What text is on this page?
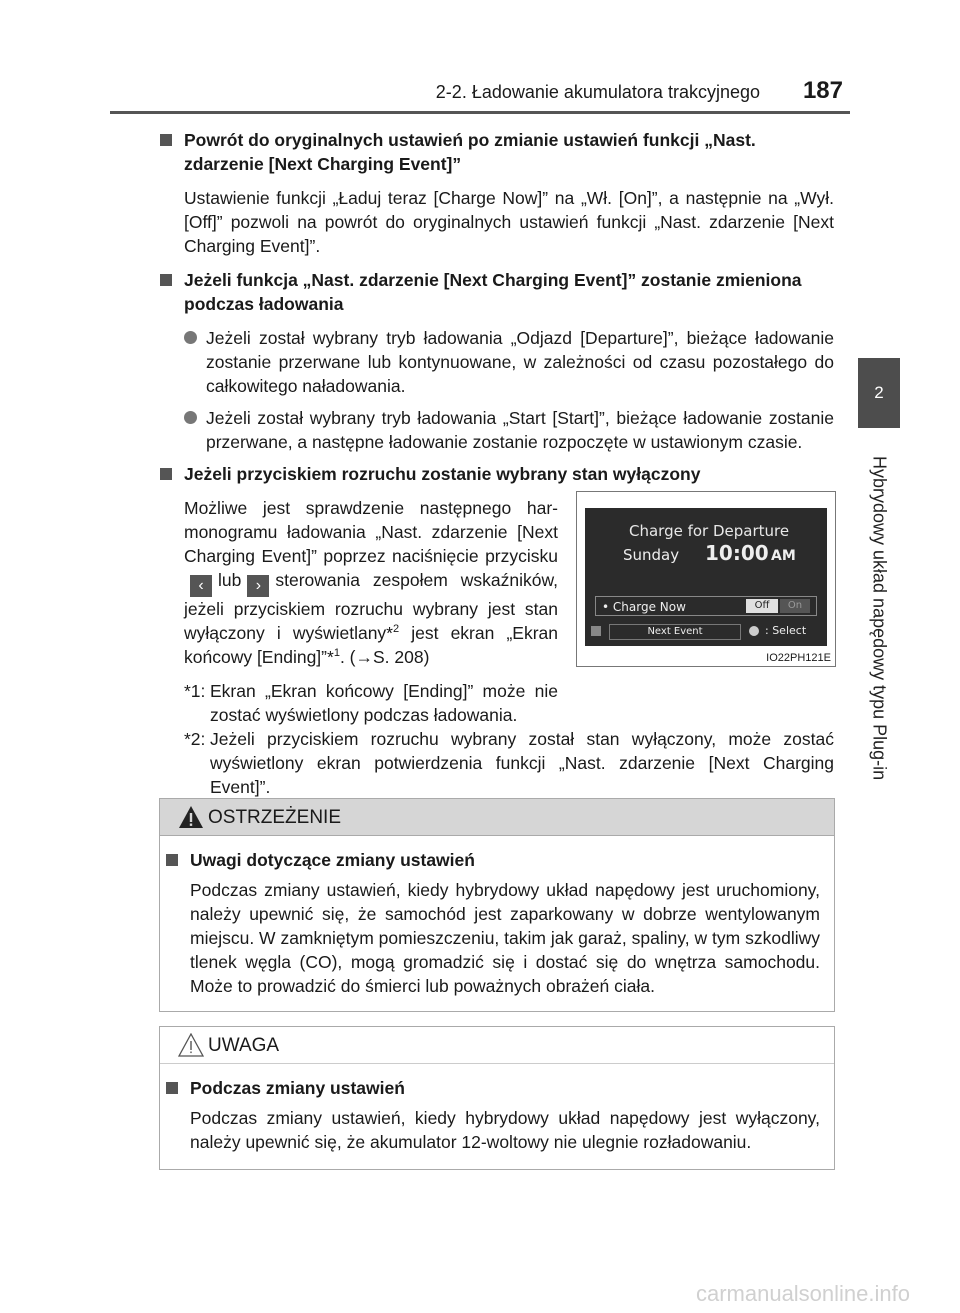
2-2. Ładowanie akumulatora trakcyjnego 187
2
Hybrydowy układ napędowy typu Plug-in
Powrót do oryginalnych ustawień po zmianie ustawień funkcji „Nast. zdarzenie [Next Charging Event]”
Ustawienie funkcji „Ładuj teraz [Charge Now]” na „Wł. [On]”, a następnie na „Wył. [Off]” pozwoli na powrót do oryginalnych ustawień funkcji „Nast. zdarzenie [Next Charging Event]”.
Jeżeli funkcja „Nast. zdarzenie [Next Charging Event]” zostanie zmieniona podczas ładowania
Jeżeli został wybrany tryb ładowania „Odjazd [Departure]”, bieżące ładowanie zostanie przerwane lub kontynuowane, w zależności od czasu pozostałego do całkowitego naładowania.
Jeżeli został wybrany tryb ładowania „Start [Start]”, bieżące ładowanie zostanie przerwane, a następne ładowanie zostanie rozpoczęte w ustawionym czasie.
Jeżeli przyciskiem rozruchu zostanie wybrany stan wyłączony
Możliwe jest sprawdzenie następnego harmonogramu ładowania „Nast. zdarzenie [Next Charging Event]” poprzez naciśnięcie przycisku‹ lub › sterowania zespołem wskaźników, jeżeli przyciskiem rozruchu wybrany jest stan wyłączony i wyświetlany*$^2$ jest ekran „Ekran końcowy [Ending]”*$^1$. (→S. 208)
*1: Ekran „Ekran końcowy [Ending]” może nie zostać wyświetlony podczas ładowania.
*2: Jeżeli przyciskiem rozruchu wybrany został stan wyłączony, może zostać wyświetlony ekran potwierdzenia funkcji „Nast. zdarzenie [Next Charging Event]”.
Charge for Departure
Sunday 10:00 AM
• Charge Now	Off	On
Next Event	: Select
IO22PH121E
OSTRZEŻENIE
Uwagi dotyczące zmiany ustawień
Podczas zmiany ustawień, kiedy hybrydowy układ napędowy jest uruchomiony, należy upewnić się, że samochód jest zaparkowany w dobrze wentylowanym miejscu. W zamkniętym pomieszczeniu, takim jak garaż, spaliny, w tym szkodliwy tlenek węgla (CO), mogą gromadzić się i dostać się do wnętrza samochodu. Może to prowadzić do śmierci lub poważnych obrażeń ciała.
UWAGA
Podczas zmiany ustawień
Podczas zmiany ustawień, kiedy hybrydowy układ napędowy jest wyłączony, należy upewnić się, że akumulator 12-woltowy nie ulegnie rozładowaniu.
carmanualsonline.info
